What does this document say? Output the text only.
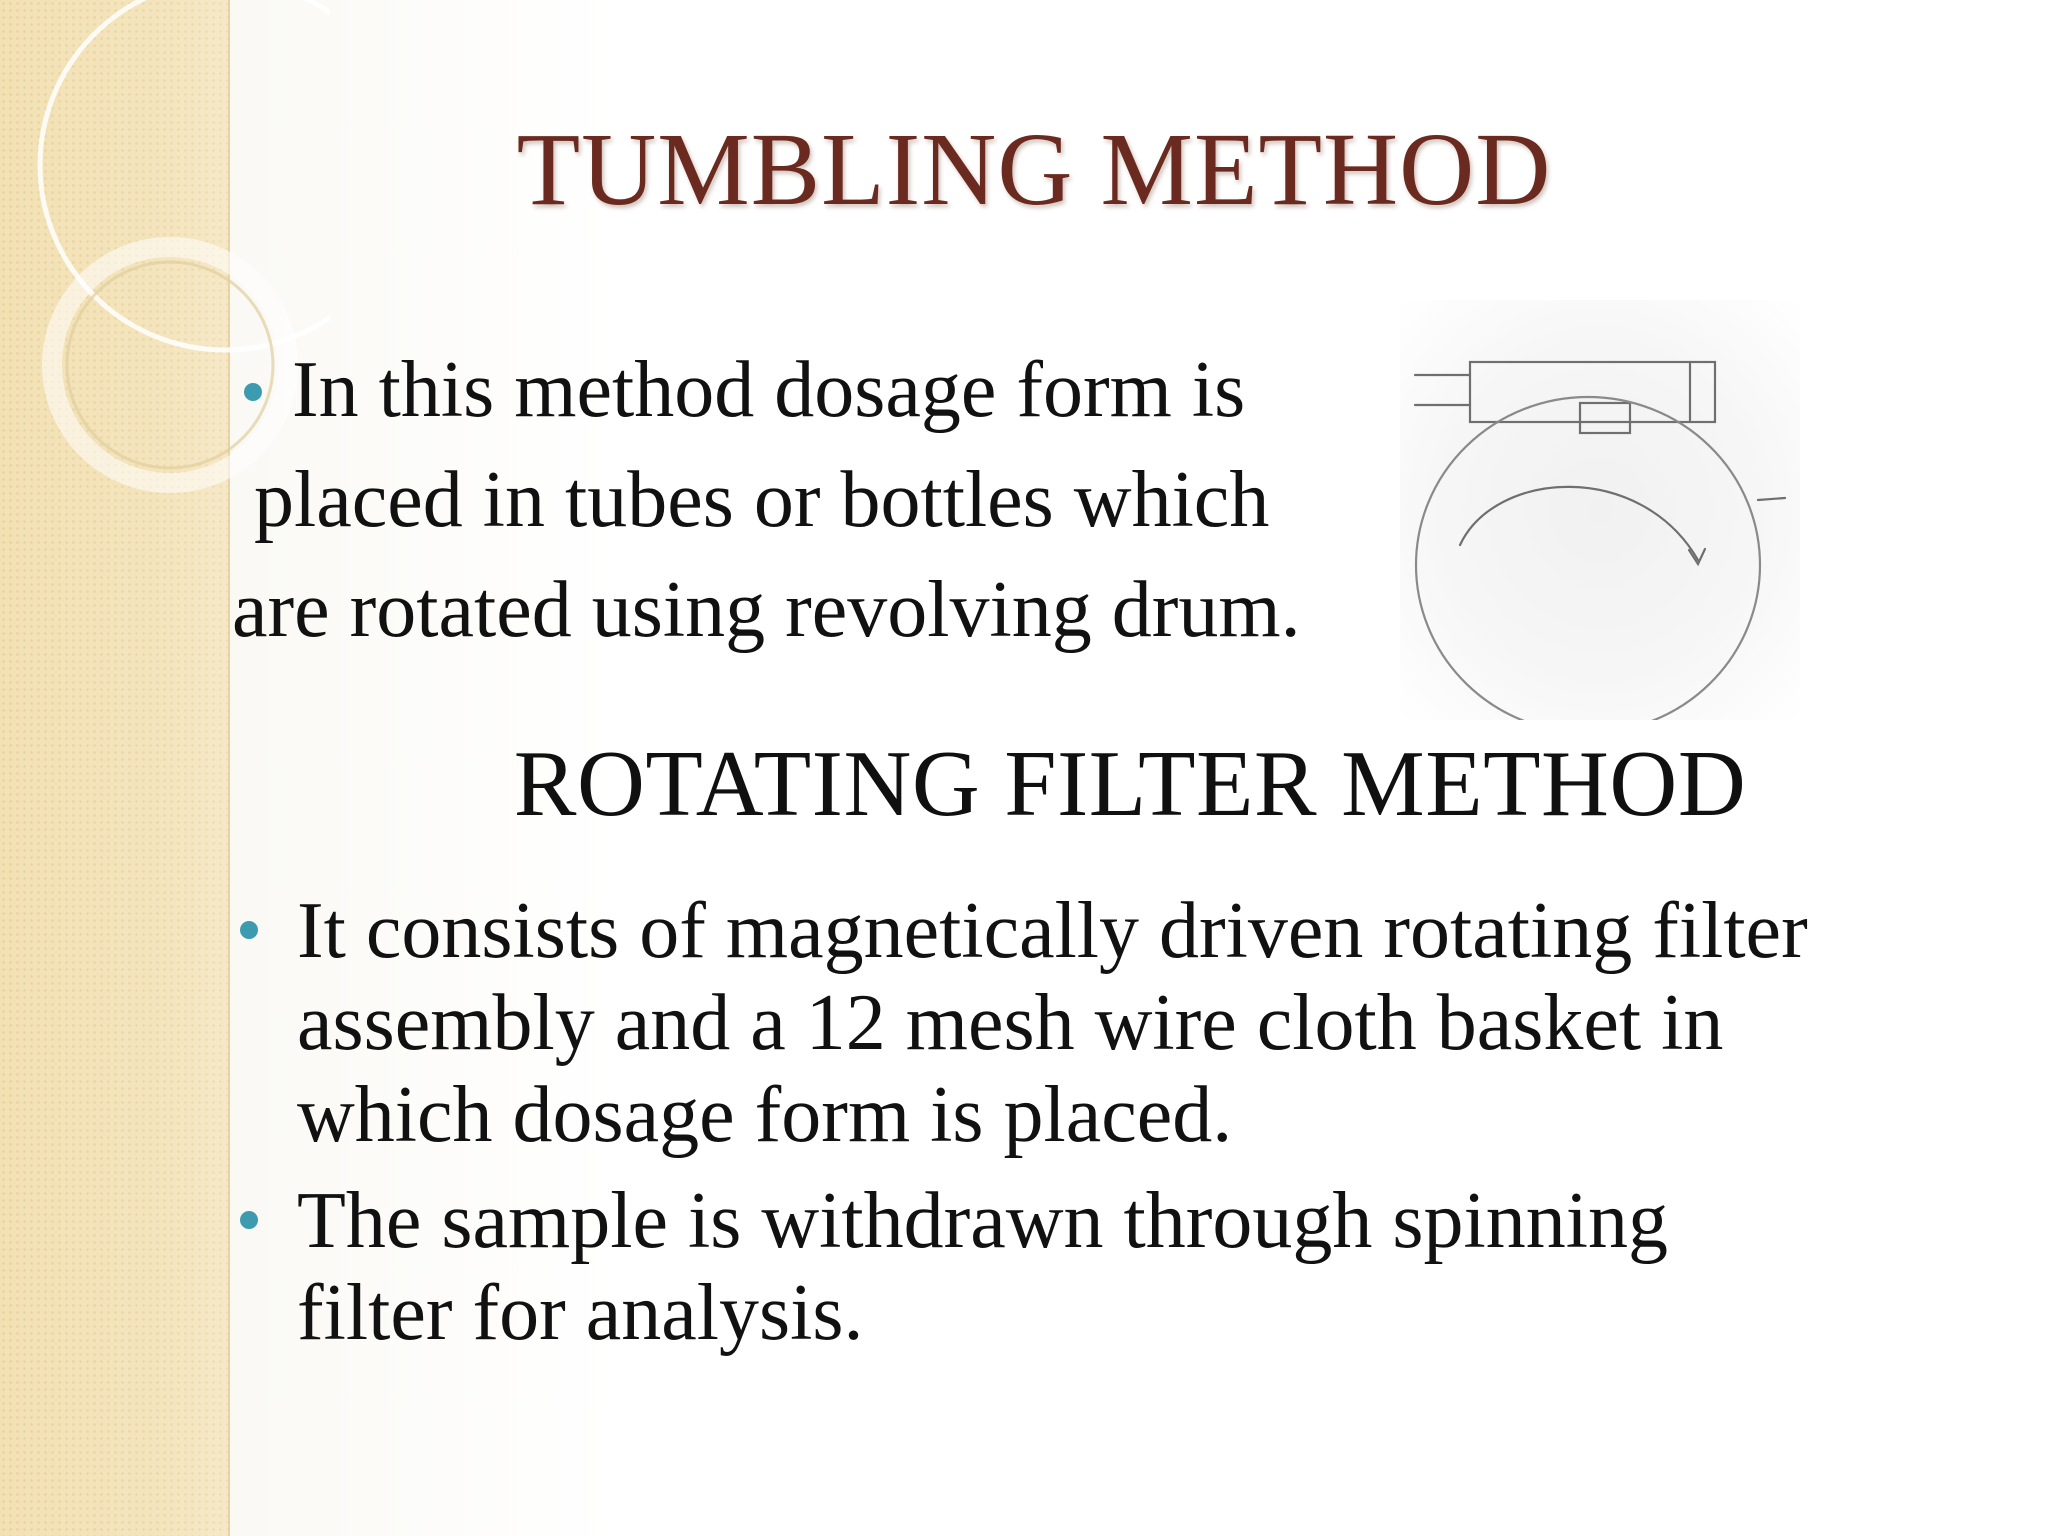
TUMBLING METHOD
In this method dosage form is
placed in tubes or bottles which
are rotated using revolving drum.
ROTATING FILTER METHOD
It consists of magnetically driven rotating filter assembly and a 12 mesh wire cloth basket in which dosage form is placed.
The sample is withdrawn through spinning filter for analysis.
